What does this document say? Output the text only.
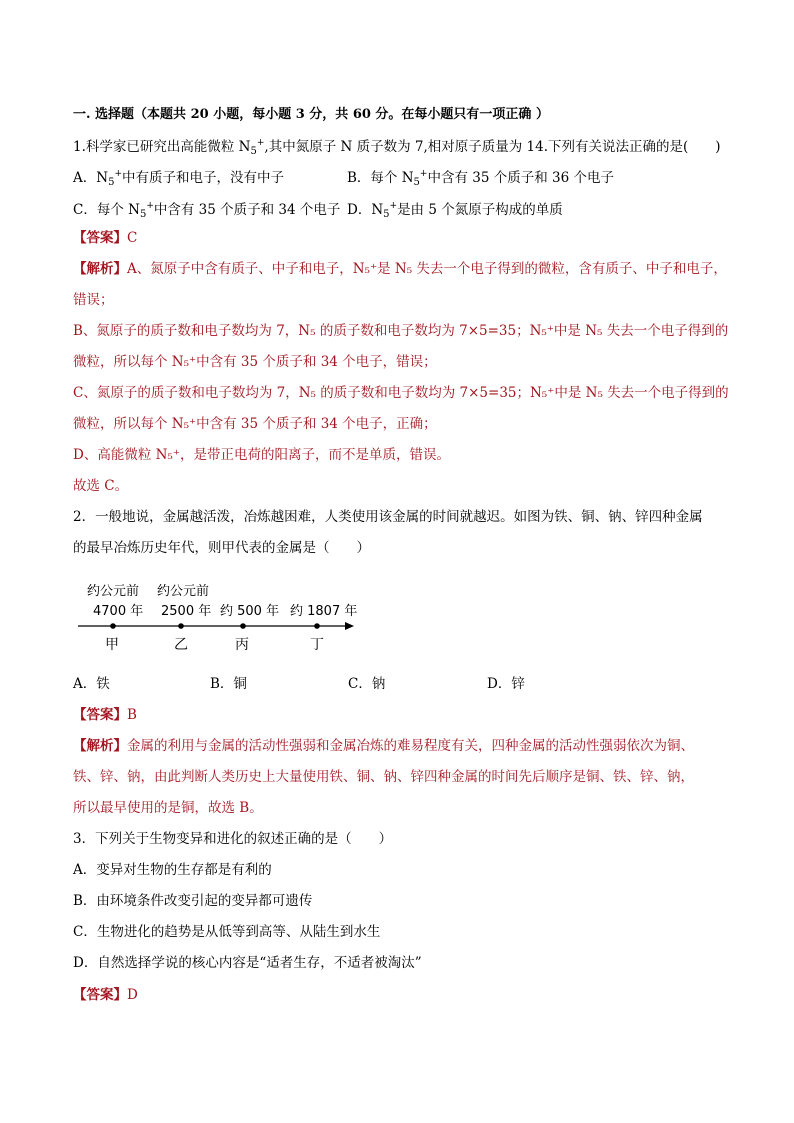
一. 选择题（本题共 20 小题，每小题 3 分，共 60 分。在每小题只有一项正确 ）
1.科学家已研究出高能微粒 $N_5^+$,其中氮原子 N 质子数为 7,相对原子质量为 14.下列有关说法正确的是(　　)
A．$N_5^+$中有质子和电子，没有中子	B．每个 $N_5^+$中含有 35 个质子和 36 个电子
C．每个 $N_5^+$中含有 35 个质子和 34 个电子 D．$N_5^+$是由 5 个氮原子构成的单质
【答案】C
【解析】A、氮原子中含有质子、中子和电子，N₅⁺是 N₅ 失去一个电子得到的微粒，含有质子、中子和电子，
错误；
B、氮原子的质子数和电子数均为 7，N₅ 的质子数和电子数均为 7×5=35；N₅⁺中是 N₅ 失去一个电子得到的
微粒，所以每个 N₅⁺中含有 35 个质子和 34 个电子，错误；
C、氮原子的质子数和电子数均为 7，N₅ 的质子数和电子数均为 7×5=35；N₅⁺中是 N₅ 失去一个电子得到的
微粒，所以每个 N₅⁺中含有 35 个质子和 34 个电子，正确；
D、高能微粒 N₅⁺，是带正电荷的阳离子，而不是单质，错误。
故选 C。
2．一般地说，金属越活泼，冶炼越困难，人类使用该金属的时间就越迟。如图为铁、铜、钠、锌四种金属
的最早冶炼历史年代，则甲代表的金属是（　　）
约公元前
4700 年
甲
约公元前
2500 年
乙
约 500 年
丙
约 1807 年
丁
A．铁	B．铜	C．钠	D．锌
【答案】B
【解析】金属的利用与金属的活动性强弱和金属冶炼的难易程度有关，四种金属的活动性强弱依次为铜、
铁、锌、钠，由此判断人类历史上大量使用铁、铜、钠、锌四种金属的时间先后顺序是铜、铁、锌、钠，
所以最早使用的是铜，故选 B。
3．下列关于生物变异和进化的叙述正确的是（　　）
A．变异对生物的生存都是有利的
B．由环境条件改变引起的变异都可遗传
C．生物进化的趋势是从低等到高等、从陆生到水生
D．自然选择学说的核心内容是“适者生存，不适者被淘汰”
【答案】D
